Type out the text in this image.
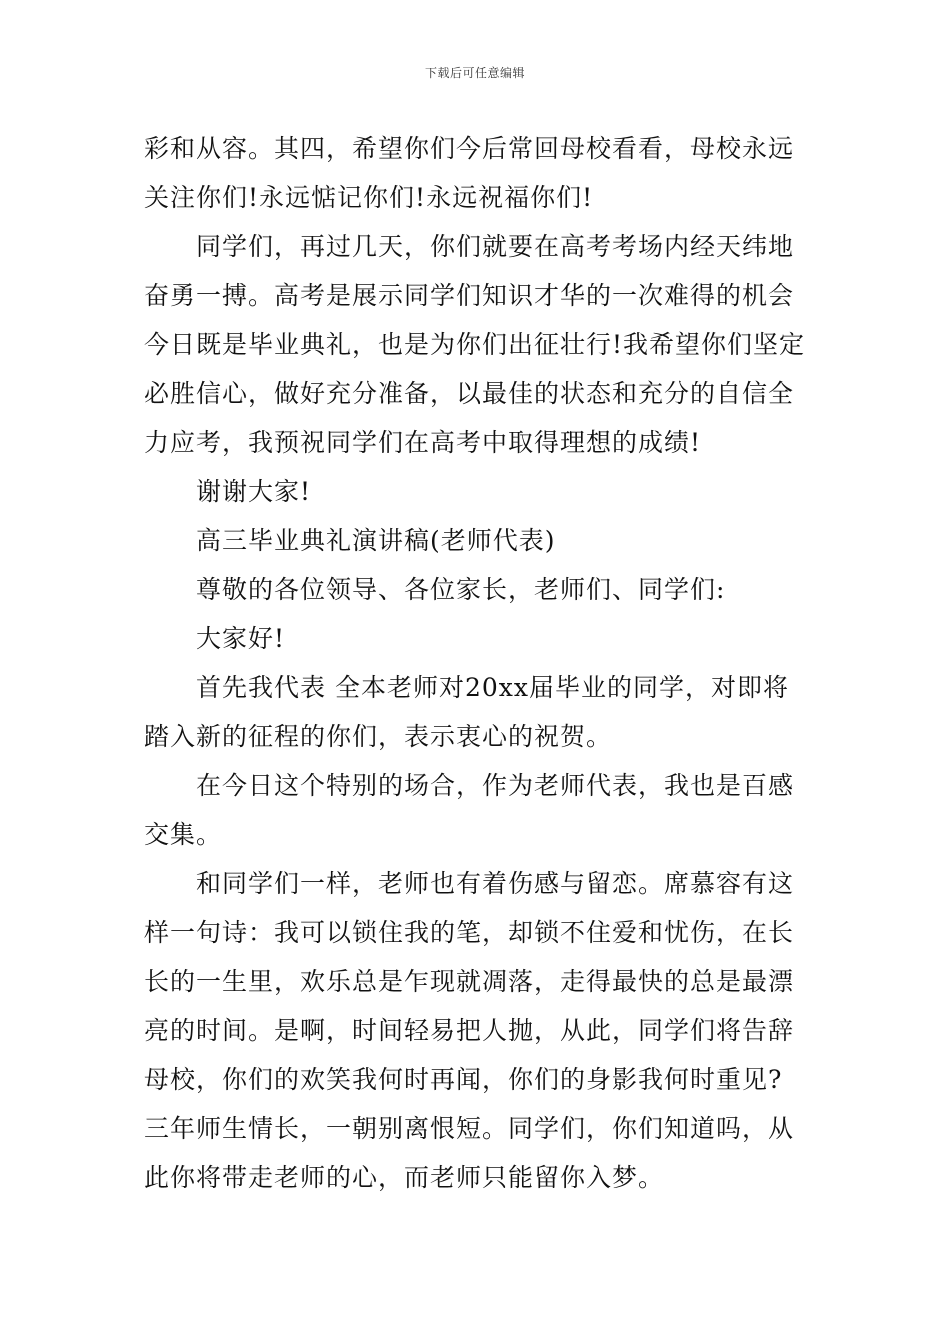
下载后可任意编辑

彩和从容。其四，希望你们今后常回母校看看，母校永远关注你们!永远惦记你们!永远祝福你们!

同学们，再过几天，你们就要在高考考场内经天纬地奋勇一搏。高考是展示同学们知识才华的一次难得的机会今日既是毕业典礼，也是为你们出征壮行!我希望你们坚定必胜信心，做好充分准备，以最佳的状态和充分的自信全力应考，我预祝同学们在高考中取得理想的成绩!

谢谢大家!

高三毕业典礼演讲稿(老师代表)

尊敬的各位领导、各位家长，老师们、同学们:

大家好!

首先我代表 全本老师对20xx届毕业的同学，对即将踏入新的征程的你们，表示衷心的祝贺。

在今日这个特别的场合，作为老师代表，我也是百感交集。

和同学们一样，老师也有着伤感与留恋。席慕容有这样一句诗：我可以锁住我的笔，却锁不住爱和忧伤，在长长的一生里，欢乐总是乍现就凋落，走得最快的总是最漂亮的时间。是啊，时间轻易把人抛，从此，同学们将告辞母校，你们的欢笑我何时再闻，你们的身影我何时重见?三年师生情长，一朝别离恨短。同学们，你们知道吗，从此你将带走老师的心，而老师只能留你入梦。
